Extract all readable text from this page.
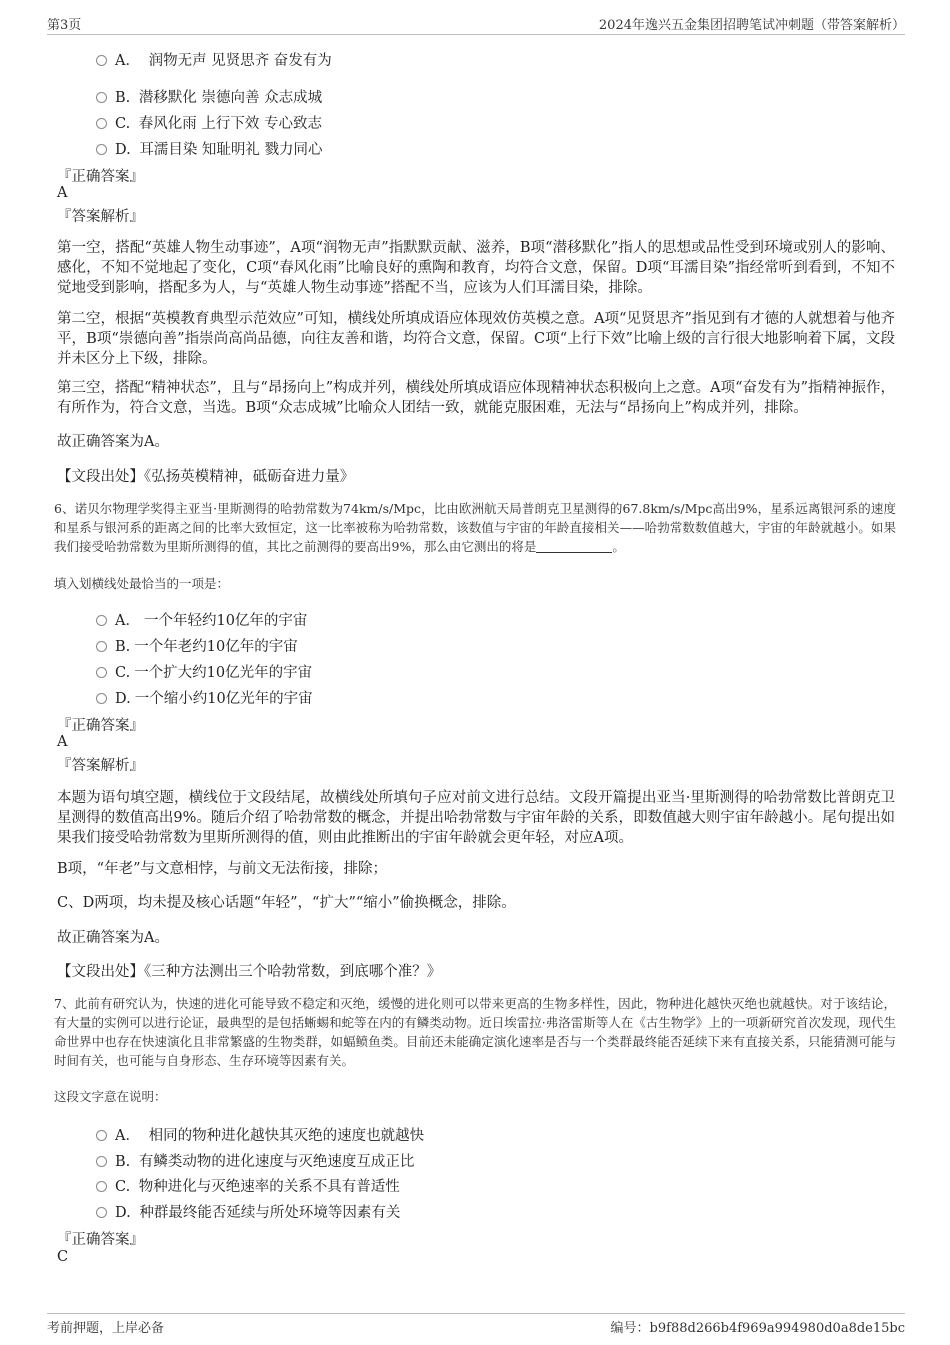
第3页	2024年逸兴五金集团招聘笔试冲刺题（带答案解析）
A． 润物无声 见贤思齐 奋发有为
B. 潜移默化 崇德向善 众志成城
C. 春风化雨 上行下效 专心致志
D. 耳濡目染 知耻明礼 戮力同心
『正确答案』
A
『答案解析』
第一空，搭配“英雄人物生动事迹”，A项“润物无声”指默默贡献、滋养，B项“潜移默化”指人的思想或品性受到环境或别人的影响、感化，不知不觉地起了变化，C项“春风化雨”比喻良好的熏陶和教育，均符合文意，保留。D项“耳濡目染”指经常听到看到，不知不觉地受到影响，搭配多为人，与“英雄人物生动事迹”搭配不当，应该为人们耳濡目染，排除。
第二空，根据“英模教育典型示范效应”可知，横线处所填成语应体现效仿英模之意。A项“见贤思齐”指见到有才德的人就想着与他齐平，B项“崇德向善”指崇尚高尚品德，向往友善和谐，均符合文意，保留。C项“上行下效”比喻上级的言行很大地影响着下属，文段并未区分上下级，排除。
第三空，搭配“精神状态”，且与“昂扬向上”构成并列，横线处所填成语应体现精神状态积极向上之意。A项“奋发有为”指精神振作，有所作为，符合文意，当选。B项“众志成城”比喻众人团结一致，就能克服困难，无法与“昂扬向上”构成并列，排除。
故正确答案为A。
【文段出处】《弘扬英模精神，砥砺奋进力量》
6、诺贝尔物理学奖得主亚当·里斯测得的哈勃常数为74km/s/Mpc，比由欧洲航天局普朗克卫星测得的67.8km/s/Mpc高出9%，星系远离银河系的速度和星系与银河系的距离之间的比率大致恒定，这一比率被称为哈勃常数，该数值与宇宙的年龄直接相关——哈勃常数数值越大，宇宙的年龄就越小。如果我们接受哈勃常数为里斯所测得的值，其比之前测得的要高出9%，那么由它测出的将是	。
填入划横线处最恰当的一项是：
A． 一个年轻约10亿年的宇宙
B. 一个年老约10亿年的宇宙
C. 一个扩大约10亿光年的宇宙
D. 一个缩小约10亿光年的宇宙
『正确答案』
A
『答案解析』
本题为语句填空题，横线位于文段结尾，故横线处所填句子应对前文进行总结。文段开篇提出亚当·里斯测得的哈勃常数比普朗克卫星测得的数值高出9%。随后介绍了哈勃常数的概念，并提出哈勃常数与宇宙年龄的关系，即数值越大则宇宙年龄越小。尾句提出如果我们接受哈勃常数为里斯所测得的值，则由此推断出的宇宙年龄就会更年轻，对应A项。
B项，“年老”与文意相悖，与前文无法衔接，排除；
C、D两项，均未提及核心话题“年轻”，“扩大”“缩小”偷换概念，排除。
故正确答案为A。
【文段出处】《三种方法测出三个哈勃常数，到底哪个准？》
7、此前有研究认为，快速的进化可能导致不稳定和灭绝，缓慢的进化则可以带来更高的生物多样性，因此，物种进化越快灭绝也就越快。对于该结论，有大量的实例可以进行论证，最典型的是包括蜥蜴和蛇等在内的有鳞类动物。近日埃雷拉·弗洛雷斯等人在《古生物学》上的一项新研究首次发现，现代生命世界中也存在快速演化且非常繁盛的生物类群，如蝠鲼鱼类。目前还未能确定演化速率是否与一个类群最终能否延续下来有直接关系，只能猜测可能与时间有关，也可能与自身形态、生存环境等因素有关。
这段文字意在说明：
A． 相同的物种进化越快其灭绝的速度也就越快
B. 有鳞类动物的进化速度与灭绝速度互成正比
C. 物种进化与灭绝速率的关系不具有普适性
D. 种群最终能否延续与所处环境等因素有关
『正确答案』
C
考前押题，上岸必备	编号：b9f88d266b4f969a994980d0a8de15bc
